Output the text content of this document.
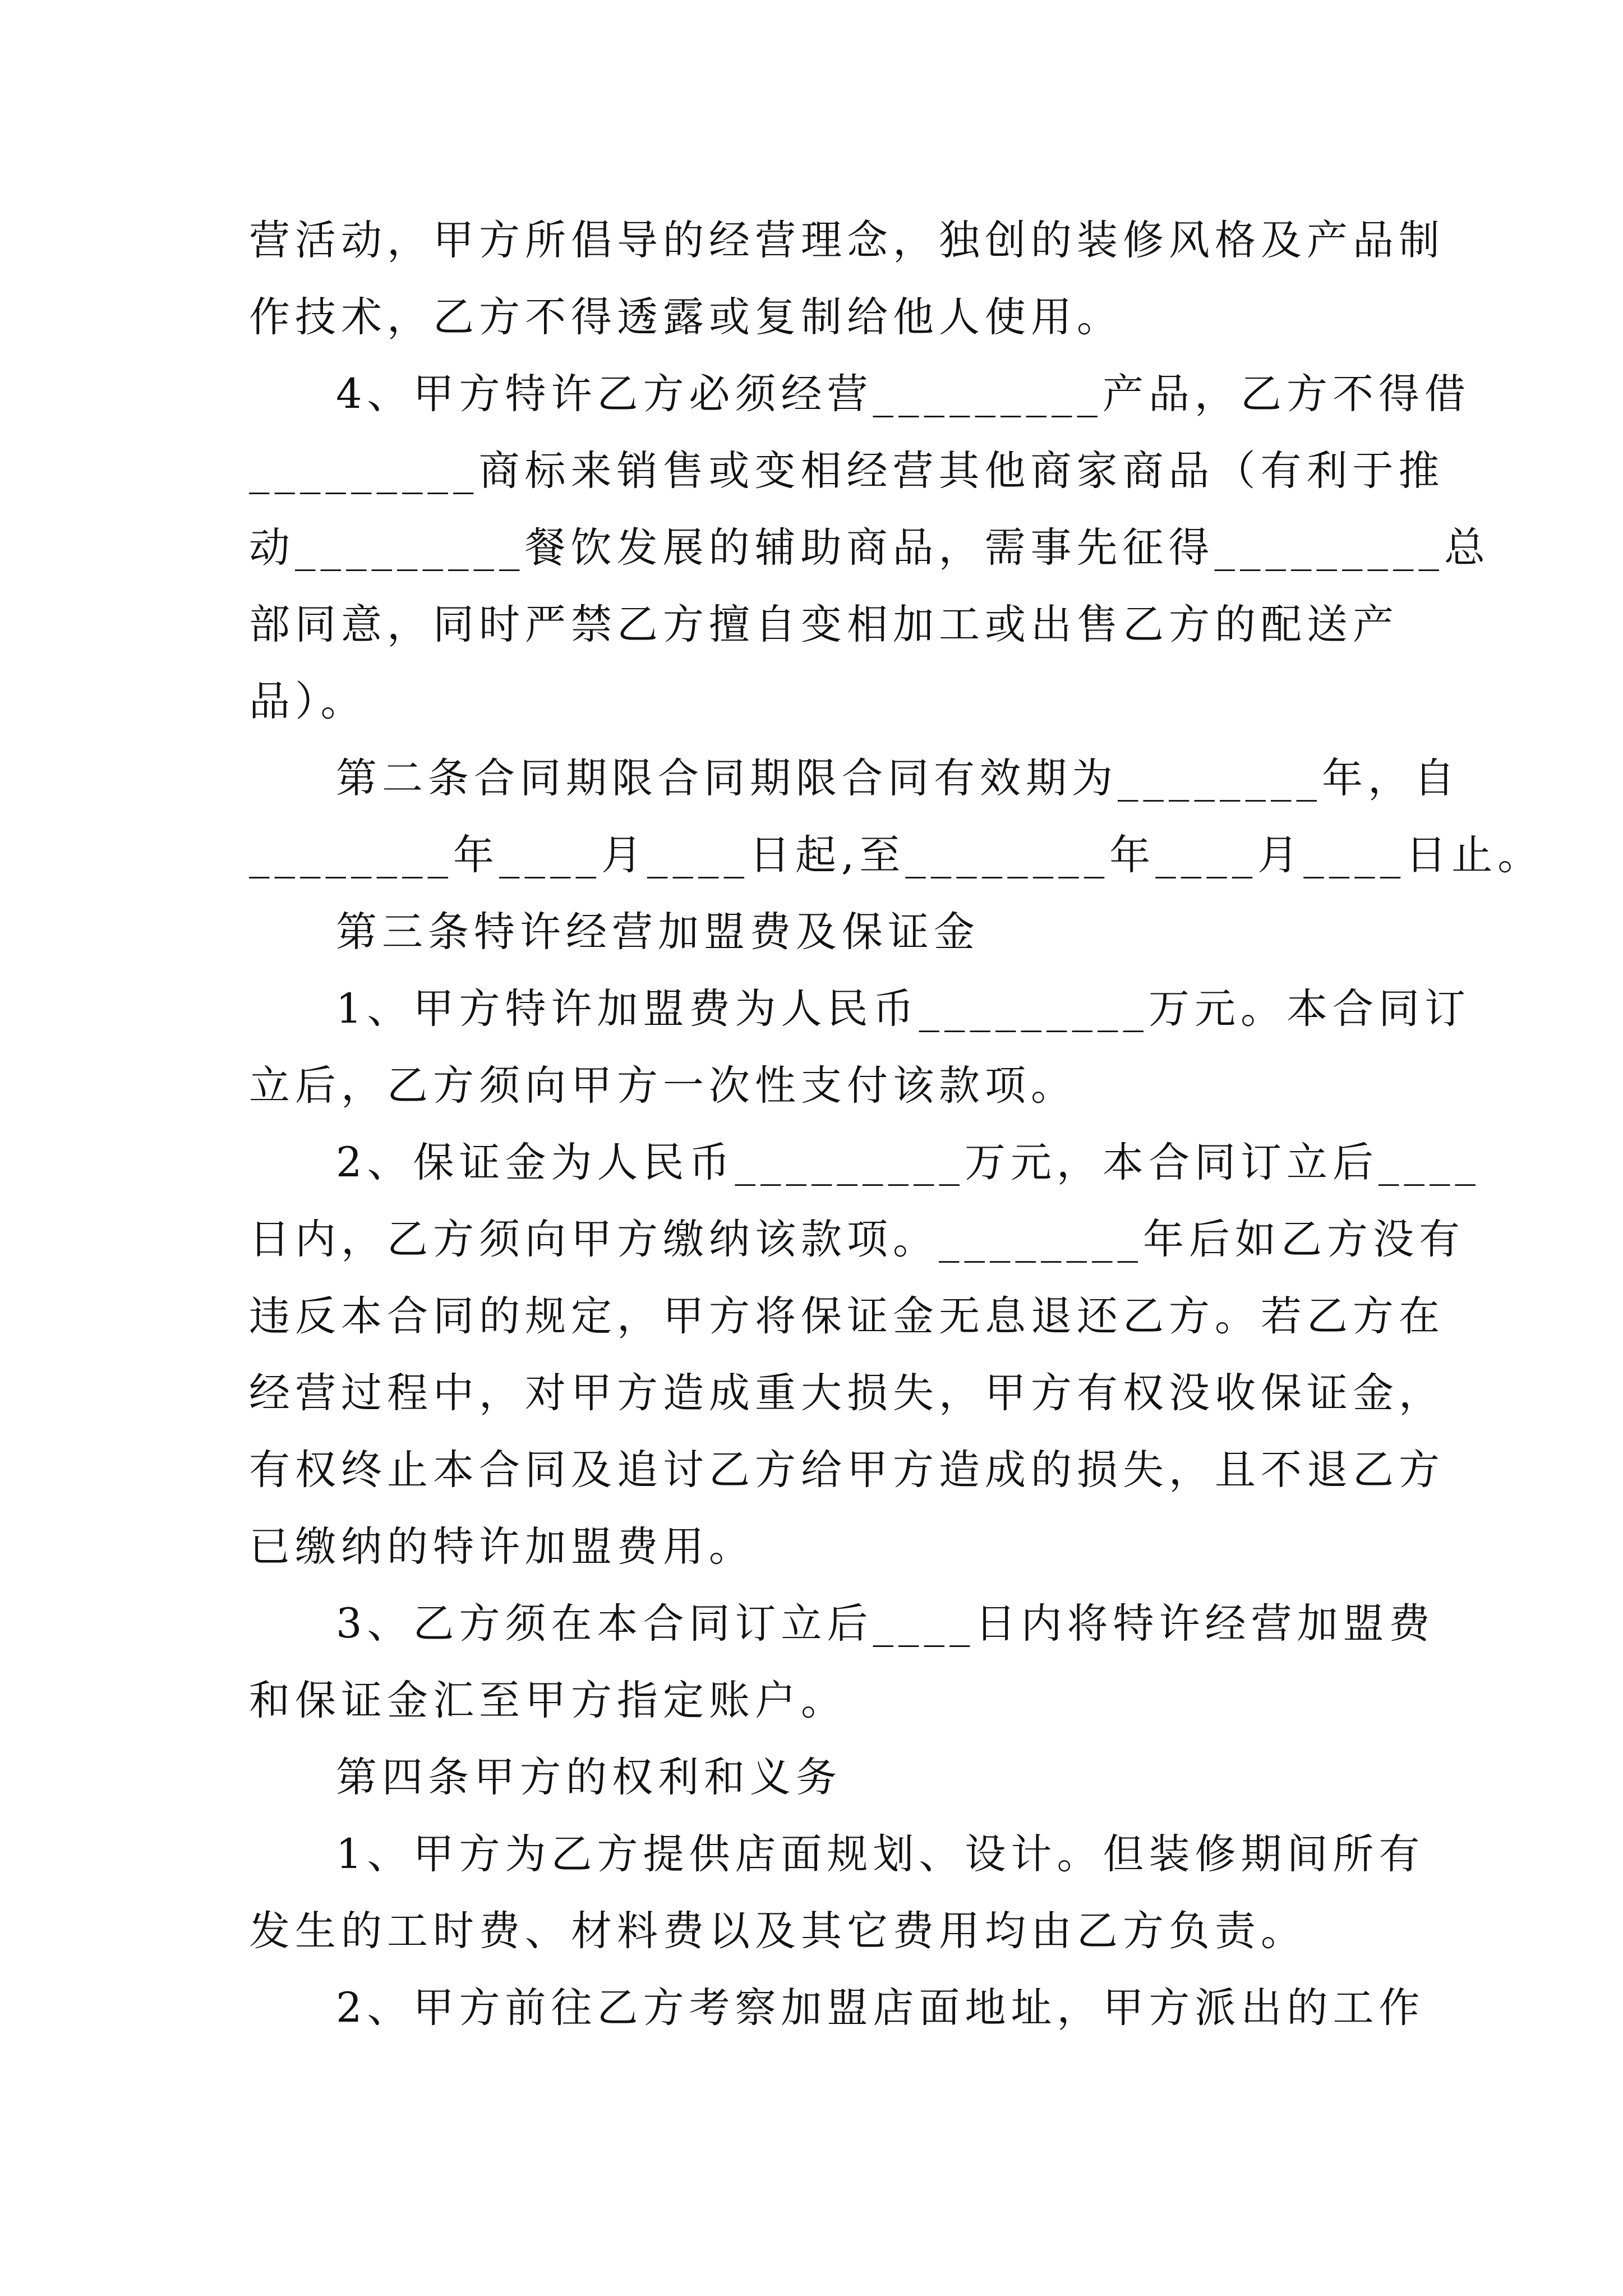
营活动，甲方所倡导的经营理念，独创的装修风格及产品制
作技术，乙方不得透露或复制给他人使用。
4、甲方特许乙方必须经营_________产品，乙方不得借
_________商标来销售或变相经营其他商家商品（有利于推
动_________餐饮发展的辅助商品，需事先征得_________总
部同意，同时严禁乙方擅自变相加工或出售乙方的配送产
品）。
第二条合同期限合同期限合同有效期为________年，自
________年____月____日起,至________年____月____日止。
第三条特许经营加盟费及保证金
1、甲方特许加盟费为人民币_________万元。本合同订
立后，乙方须向甲方一次性支付该款项。
2、保证金为人民币_________万元，本合同订立后____
日内，乙方须向甲方缴纳该款项。________年后如乙方没有
违反本合同的规定，甲方将保证金无息退还乙方。若乙方在
经营过程中，对甲方造成重大损失，甲方有权没收保证金，
有权终止本合同及追讨乙方给甲方造成的损失，且不退乙方
已缴纳的特许加盟费用。
3、乙方须在本合同订立后____日内将特许经营加盟费
和保证金汇至甲方指定账户。
第四条甲方的权利和义务
1、甲方为乙方提供店面规划、设计。但装修期间所有
发生的工时费、材料费以及其它费用均由乙方负责。
2、甲方前往乙方考察加盟店面地址，甲方派出的工作
